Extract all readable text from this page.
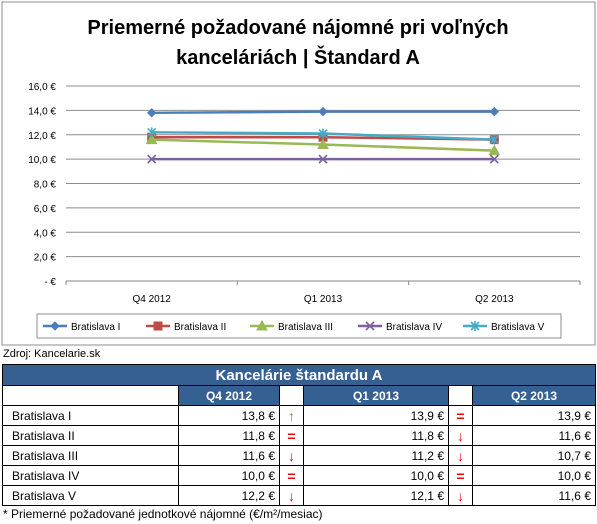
Priemerné požadované nájomné pri voľných
kanceláriách | Štandard A
- €
2,0 €
4,0 €
6,0 €
8,0 €
10,0 €
12,0 €
14,0 €
16,0 €
Q4 2012	Q1 2013	Q2 2013
Bratislava I	Bratislava II	Bratislava III	Bratislava IV	Bratislava V
Zdroj: Kancelarie.sk
Kancelárie štandardu A					
	Q4 2012		Q1 2013		Q2 2013
Bratislava I	13,8 €	↑	13,9 €	=	13,9 €
Bratislava II	11,8 €	=	11,8 €	↓	11,6 €
Bratislava III	11,6 €	↓	11,2 €	↓	10,7 €
Bratislava IV	10,0 €	=	10,0 €	=	10,0 €
Bratislava V	12,2 €	↓	12,1 €	↓	11,6 €
* Priemerné požadované jednotkové nájomné (€/m²/mesiac)
